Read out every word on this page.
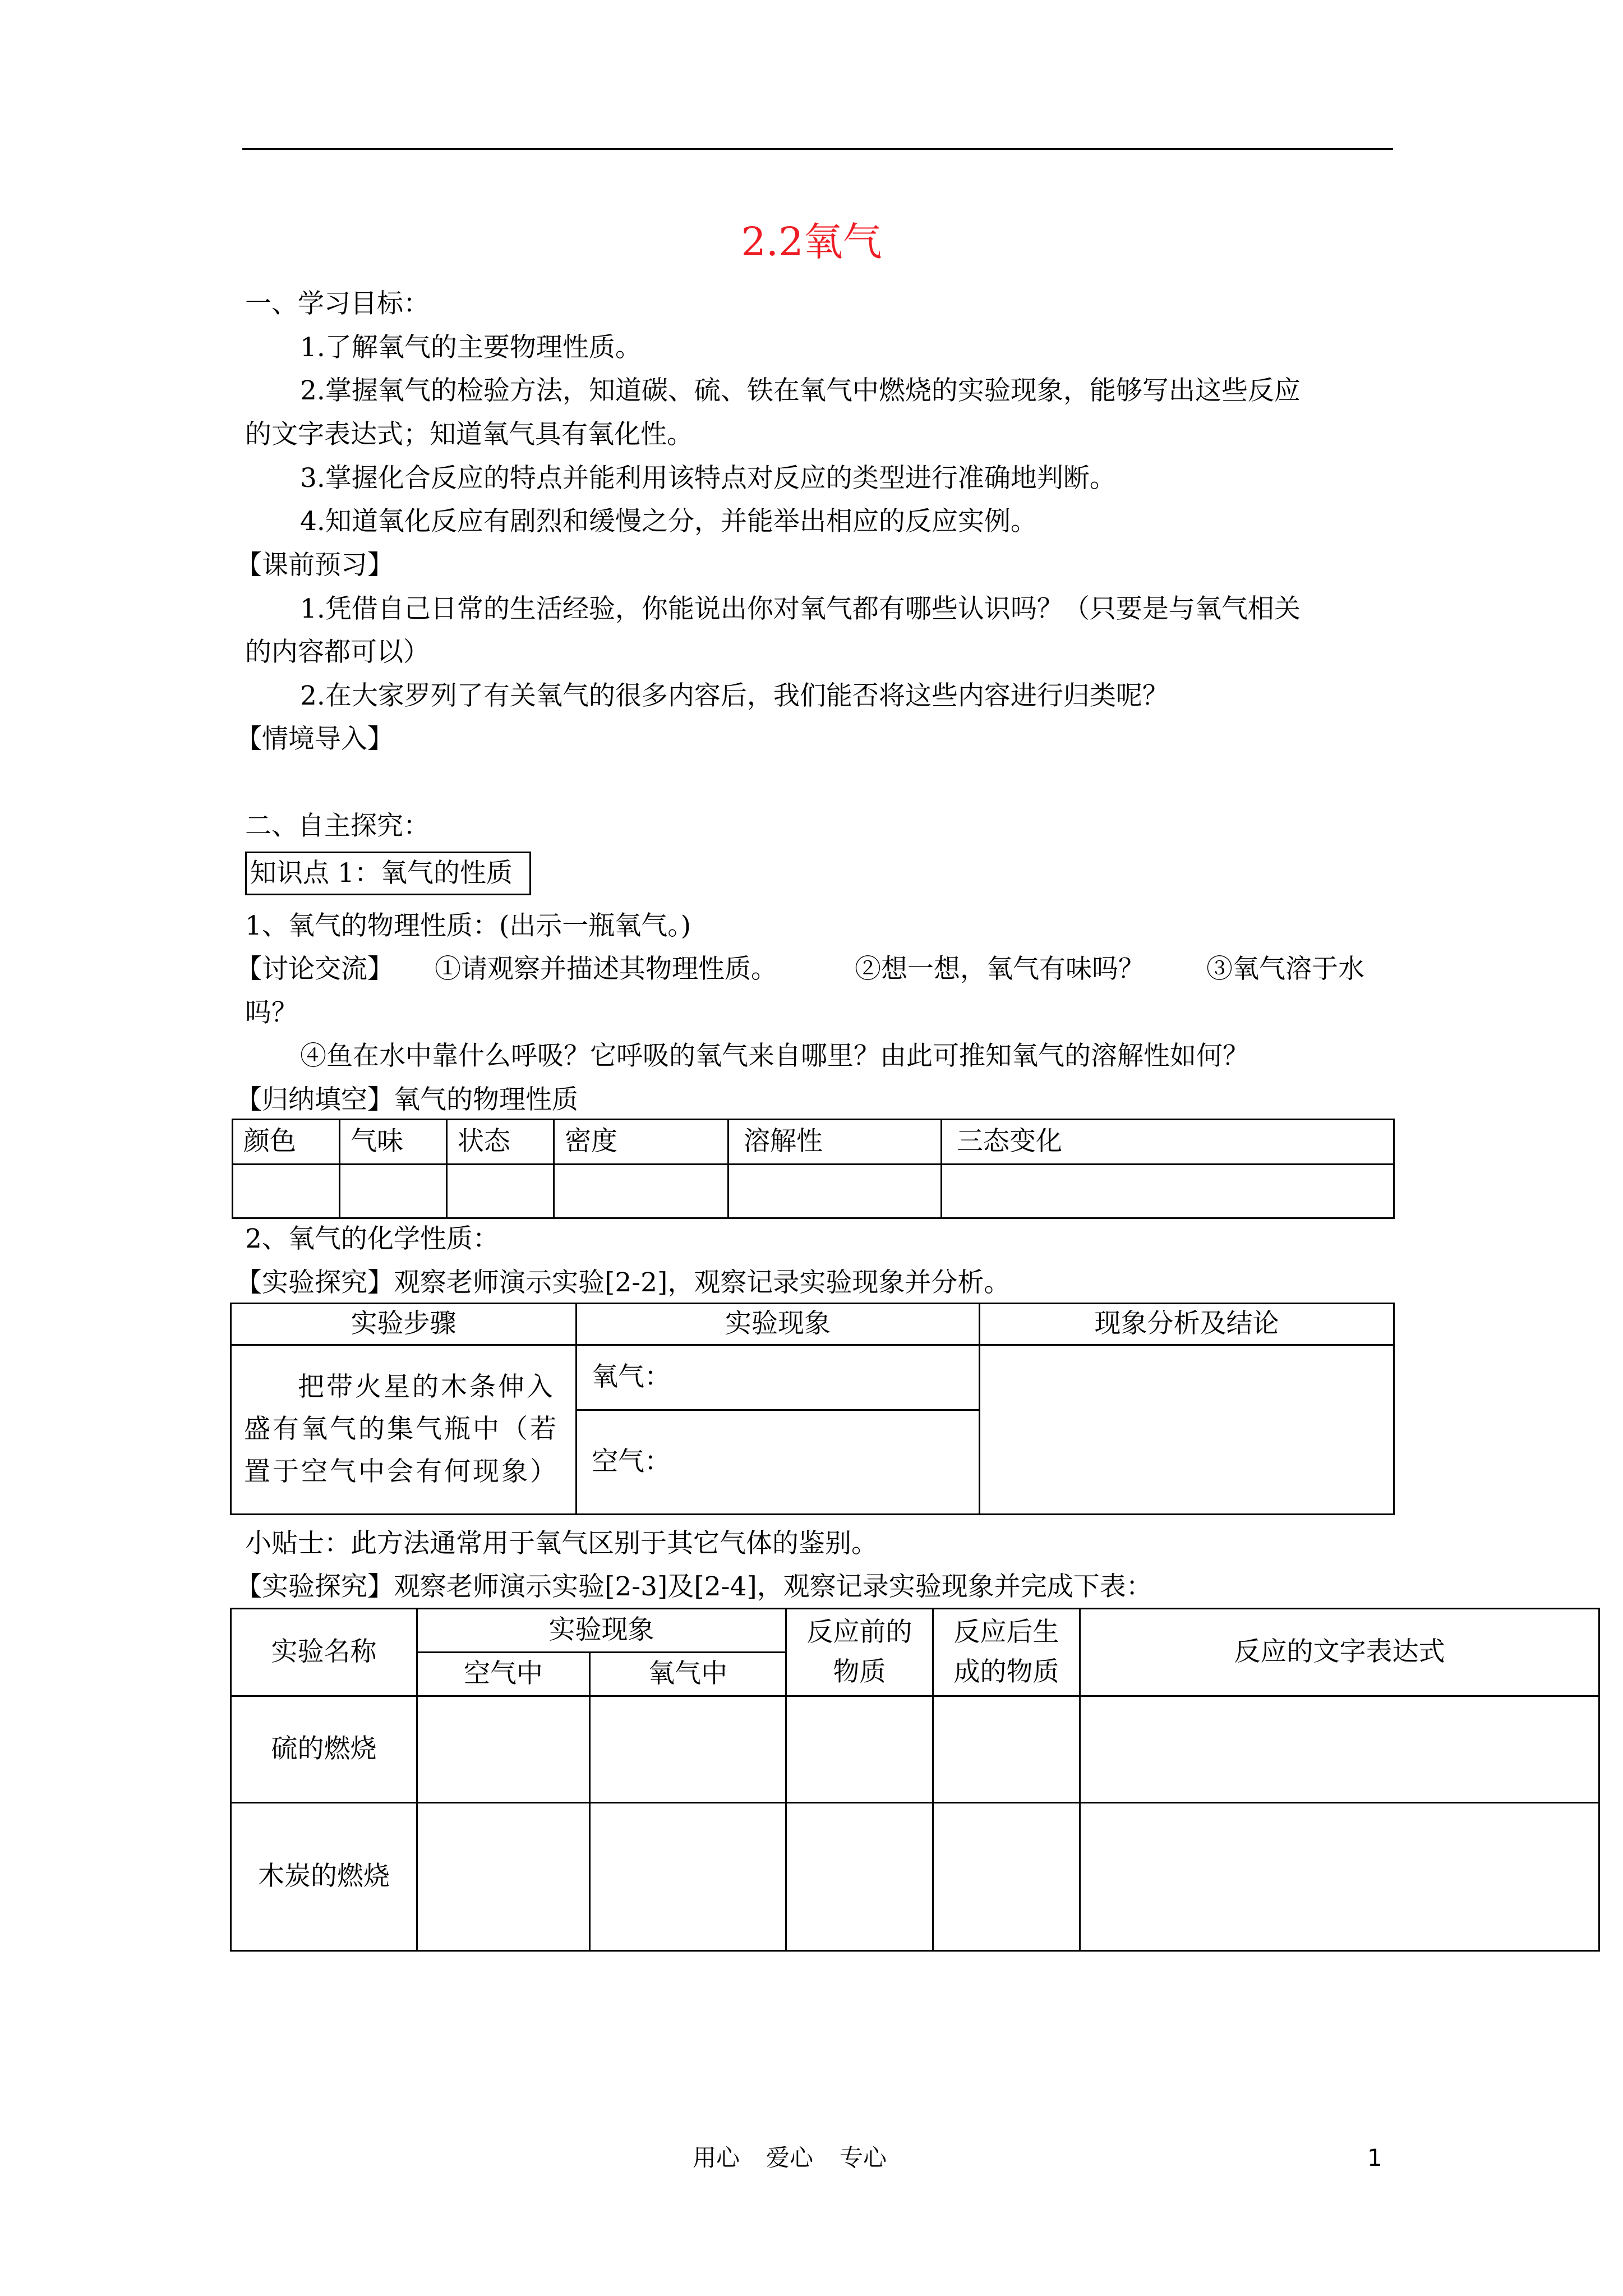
2.2氧气
一、学习目标：
1.了解氧气的主要物理性质。
2.掌握氧气的检验方法，知道碳、硫、铁在氧气中燃烧的实验现象，能够写出这些反应
的文字表达式；知道氧气具有氧化性。
3.掌握化合反应的特点并能利用该特点对反应的类型进行准确地判断。
4.知道氧化反应有剧烈和缓慢之分，并能举出相应的反应实例。
【课前预习】
1.凭借自己日常的生活经验，你能说出你对氧气都有哪些认识吗？（只要是与氧气相关
的内容都可以）
2.在大家罗列了有关氧气的很多内容后，我们能否将这些内容进行归类呢？
【情境导入】
二、自主探究：
知识点 1：氧气的性质
1、氧气的物理性质：(出示一瓶氧气。)
【讨论交流】 ①请观察并描述其物理性质。	②想一想，氧气有味吗？ ③氧气溶于水
吗？
④鱼在水中靠什么呼吸？它呼吸的氧气来自哪里？由此可推知氧气的溶解性如何？
【归纳填空】氧气的物理性质
颜色	气味	状态	密度	溶解性	三态变化

2、氧气的化学性质：
【实验探究】观察老师演示实验[2-2]，观察记录实验现象并分析。
实验步骤	实验现象	现象分析及结论
把带火星的木条伸入盛有氧气的集气瓶中（若置于空气中会有何现象）	氧气：	
	空气：	
小贴士：此方法通常用于氧气区别于其它气体的鉴别。
【实验探究】观察老师演示实验[2-3]及[2-4]，观察记录实验现象并完成下表：
实验名称	实验现象		反应前的物质	反应后生成的物质	反应的文字表达式
	空气中	氧气中			
硫的燃烧					
木炭的燃烧					
用心 爱心 专心	1
